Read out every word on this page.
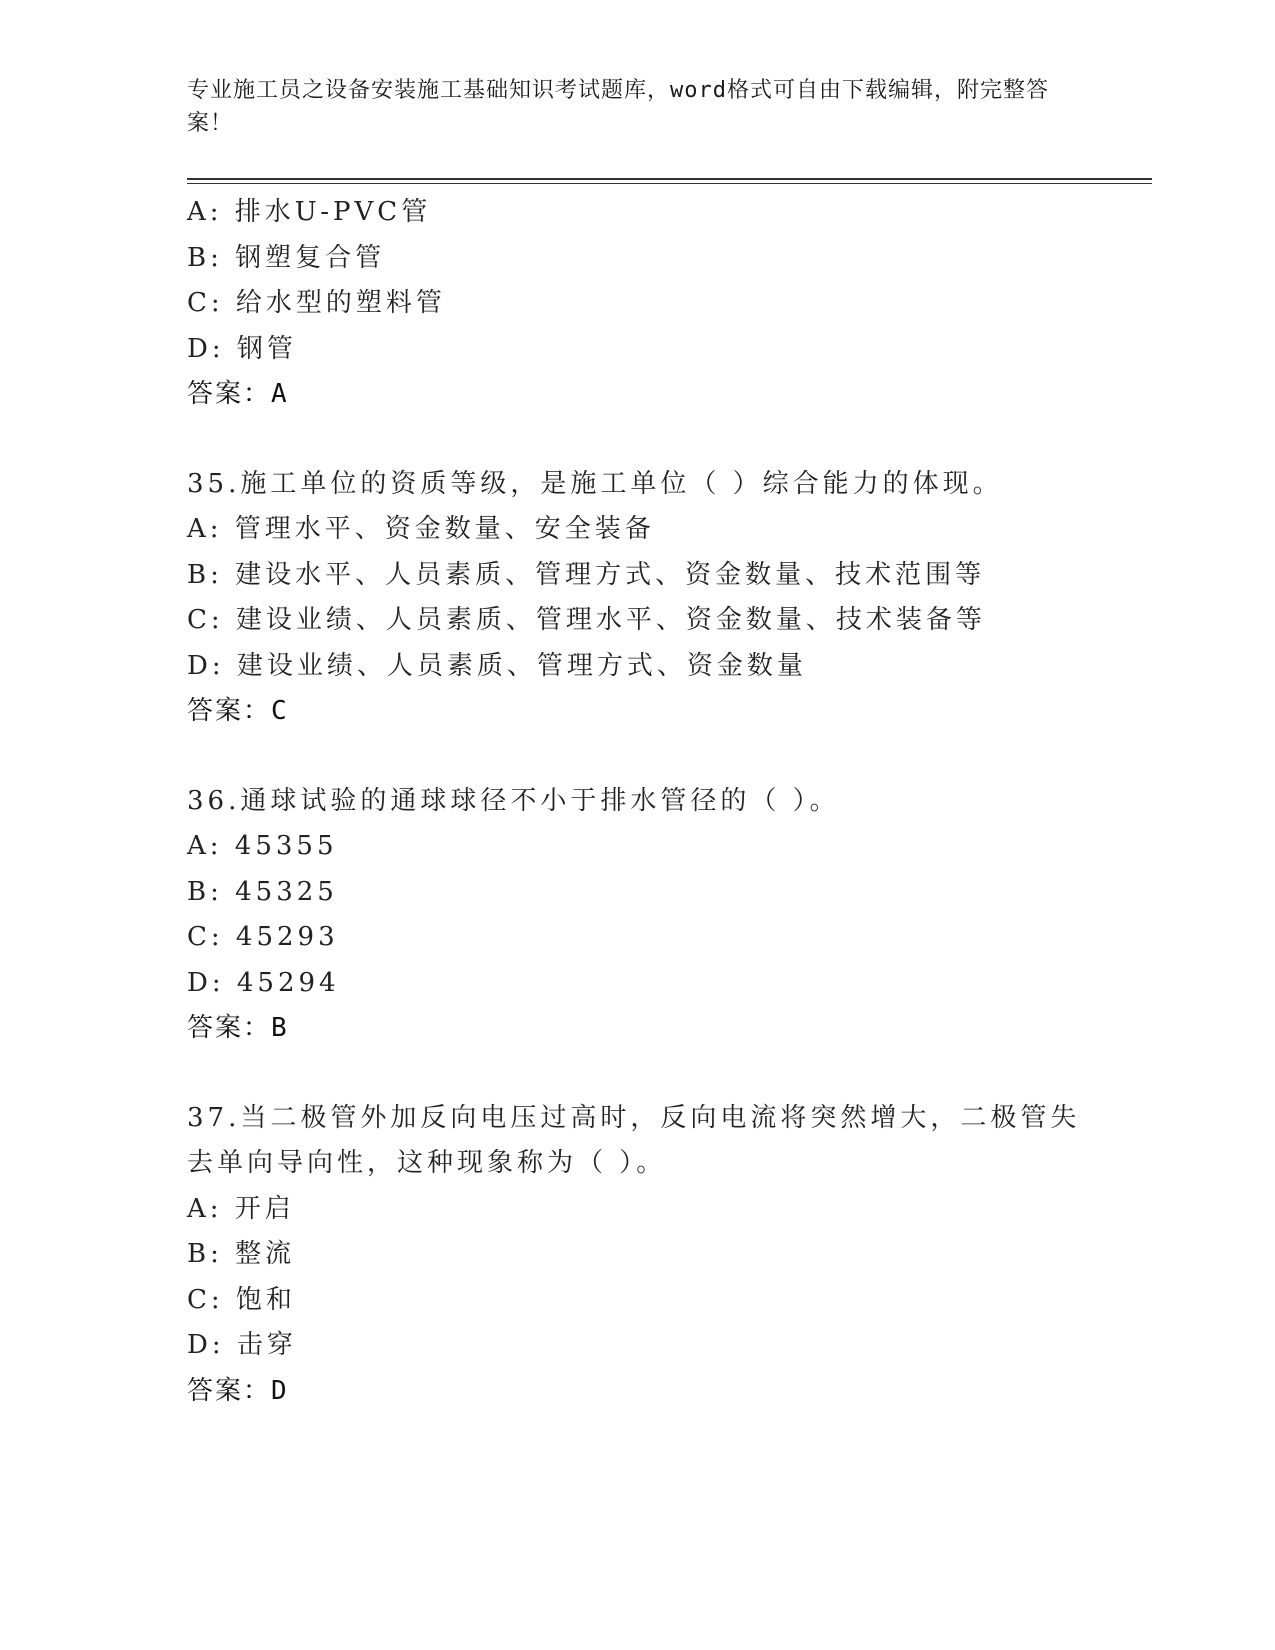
专业施工员之设备安装施工基础知识考试题库，word格式可自由下载编辑，附完整答案！
A: 排水U-PVC管
B: 钢塑复合管
C: 给水型的塑料管
D: 钢管
答案：A
35.施工单位的资质等级，是施工单位（ ）综合能力的体现。
A: 管理水平、资金数量、安全装备
B: 建设水平、人员素质、管理方式、资金数量、技术范围等
C: 建设业绩、人员素质、管理水平、资金数量、技术装备等
D: 建设业绩、人员素质、管理方式、资金数量
答案：C
36.通球试验的通球球径不小于排水管径的（ ）。
A: 45355
B: 45325
C: 45293
D: 45294
答案：B
37.当二极管外加反向电压过高时，反向电流将突然增大，二极管失去单向导向性，这种现象称为（ ）。
A: 开启
B: 整流
C: 饱和
D: 击穿
答案：D
